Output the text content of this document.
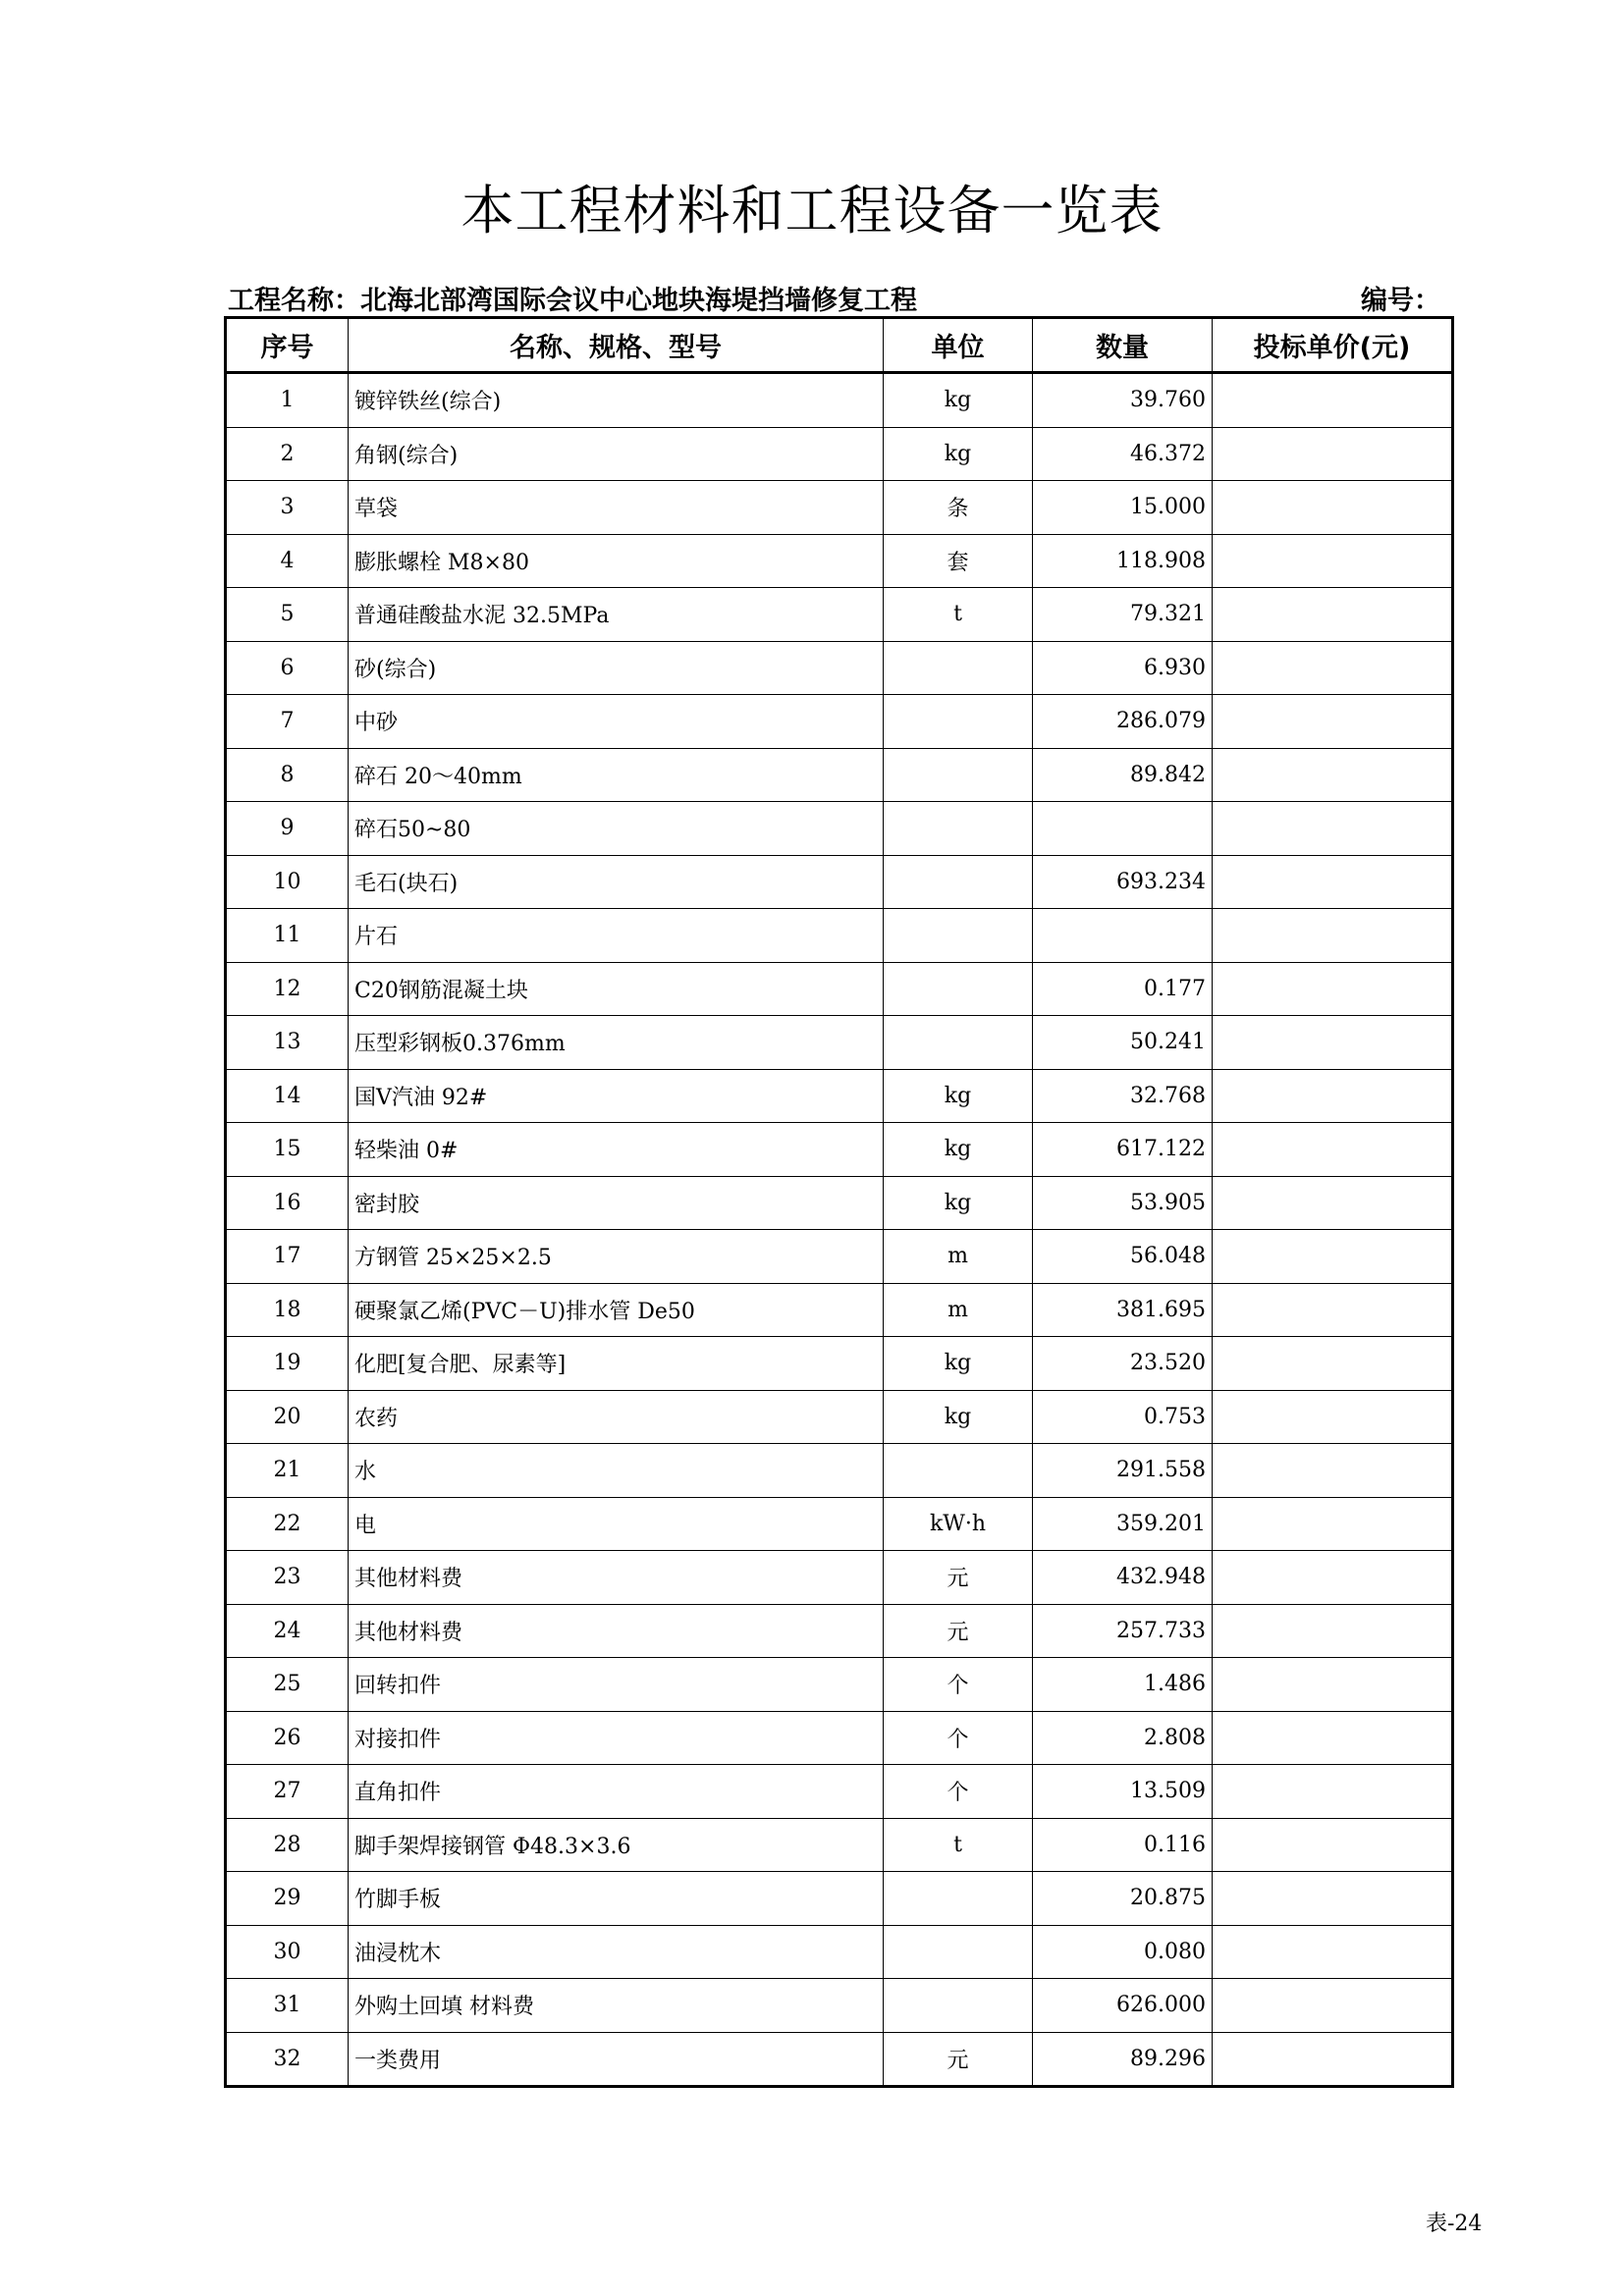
本工程材料和工程设备一览表
工程名称：北海北部湾国际会议中心地块海堤挡墙修复工程	编号：
序号	名称、规格、型号	单位	数量	投标单价(元)
1	镀锌铁丝(综合)	kg	39.760	
2	角钢(综合)	kg	46.372	
3	草袋	条	15.000	
4	膨胀螺栓 M8×80	套	118.908	
5	普通硅酸盐水泥 32.5MPa	t	79.321	
6	砂(综合)		6.930	
7	中砂		286.079	
8	碎石 20～40mm		89.842	
9	碎石50~80			
10	毛石(块石)		693.234	
11	片石			
12	C20钢筋混凝土块		0.177	
13	压型彩钢板0.376mm		50.241	
14	国V汽油 92#	kg	32.768	
15	轻柴油 0#	kg	617.122	
16	密封胶	kg	53.905	
17	方钢管 25×25×2.5	m	56.048	
18	硬聚氯乙烯(PVC－U)排水管 De50	m	381.695	
19	化肥[复合肥、尿素等]	kg	23.520	
20	农药	kg	0.753	
21	水		291.558	
22	电	kW·h	359.201	
23	其他材料费	元	432.948	
24	其他材料费	元	257.733	
25	回转扣件	个	1.486	
26	对接扣件	个	2.808	
27	直角扣件	个	13.509	
28	脚手架焊接钢管 Φ48.3×3.6	t	0.116	
29	竹脚手板		20.875	
30	油浸枕木		0.080	
31	外购土回填 材料费		626.000	
32	一类费用	元	89.296	
表-24
